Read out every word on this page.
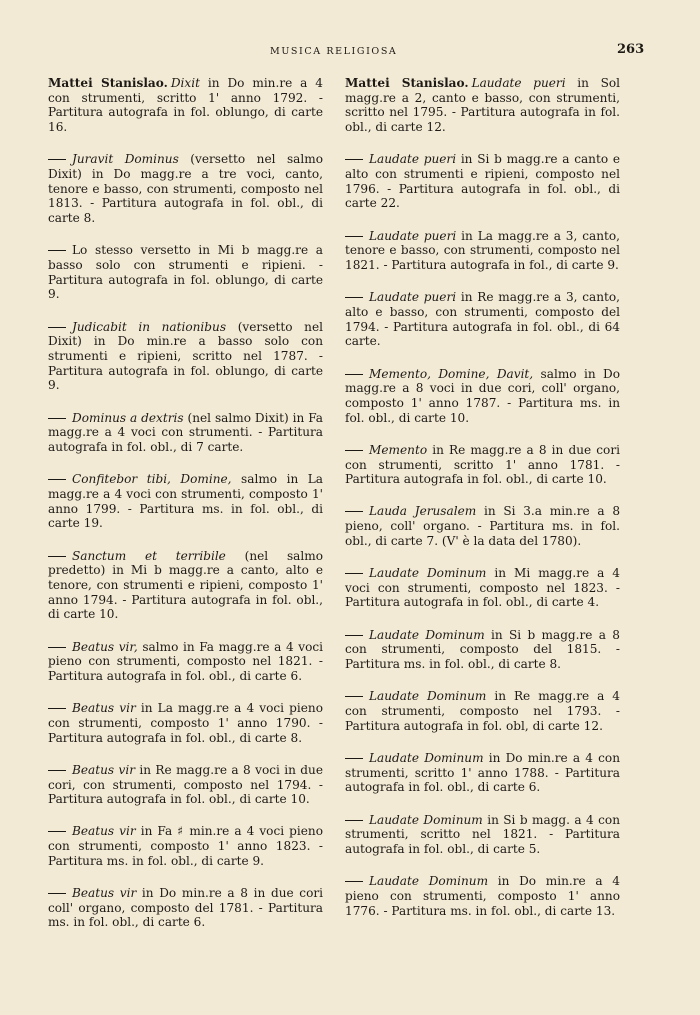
MUSICA RELIGIOSA	263
Mattei Stanislao. Dixit in Do min.re a 4 con strumenti, scritto 1' anno 1792. - Partitura autografa in fol. oblungo, di carte 16.
Juravit Dominus (versetto nel salmo Dixit) in Do magg.re a tre voci, canto, tenore e basso, con strumenti, composto nel 1813. - Partitura autografa in fol. obl., di carte 8.
Lo stesso versetto in Mi b magg.re a basso solo con strumenti e ripieni. - Partitura autografa in fol. oblungo, di carte 9.
Judicabit in nationibus (versetto nel Dixit) in Do min.re a basso solo con strumenti e ripieni, scritto nel 1787. - Partitura autografa in fol. oblungo, di carte 9.
Dominus a dextris (nel salmo Dixit) in Fa magg.re a 4 voci con strumenti. - Partitura autografa in fol. obl., di 7 carte.
Confitebor tibi, Domine, salmo in La magg.re a 4 voci con strumenti, composto 1' anno 1799. - Partitura ms. in fol. obl., di carte 19.
Sanctum et terribile (nel salmo predetto) in Mi b magg.re a canto, alto e tenore, con strumenti e ripieni, composto 1' anno 1794. - Partitura autografa in fol. obl., di carte 10.
Beatus vir, salmo in Fa magg.re a 4 voci pieno con strumenti, composto nel 1821. - Partitura autografa in fol. obl., di carte 6.
Beatus vir in La magg.re a 4 voci pieno con strumenti, composto 1' anno 1790. - Partitura autografa in fol. obl., di carte 8.
Beatus vir in Re magg.re a 8 voci in due cori, con strumenti, composto nel 1794. - Partitura autografa in fol. obl., di carte 10.
Beatus vir in Fa ♯ min.re a 4 voci pieno con strumenti, composto 1' anno 1823. - Partitura ms. in fol. obl., di carte 9.
Beatus vir in Do min.re a 8 in due cori coll' organo, composto del 1781. - Partitura ms. in fol. obl., di carte 6.
Mattei Stanislao. Laudate pueri in Sol magg.re a 2, canto e basso, con strumenti, scritto nel 1795. - Partitura autografa in fol. obl., di carte 12.
Laudate pueri in Si b magg.re a canto e alto con strumenti e ripieni, composto nel 1796. - Partitura autografa in fol. obl., di carte 22.
Laudate pueri in La magg.re a 3, canto, tenore e basso, con strumenti, composto nel 1821. - Partitura autografa in fol., di carte 9.
Laudate pueri in Re magg.re a 3, canto, alto e basso, con strumenti, composto del 1794. - Partitura autografa in fol. obl., di 64 carte.
Memento, Domine, Davit, salmo in Do magg.re a 8 voci in due cori, coll' organo, composto 1' anno 1787. - Partitura ms. in fol. obl., di carte 10.
Memento in Re magg.re a 8 in due cori con strumenti, scritto 1' anno 1781. - Partitura autografa in fol. obl., di carte 10.
Lauda Jerusalem in Si 3.a min.re a 8 pieno, coll' organo. - Partitura ms. in fol. obl., di carte 7. (V' è la data del 1780).
Laudate Dominum in Mi magg.re a 4 voci con strumenti, composto nel 1823. - Partitura autografa in fol. obl., di carte 4.
Laudate Dominum in Si b magg.re a 8 con strumenti, composto del 1815. - Partitura ms. in fol. obl., di carte 8.
Laudate Dominum in Re magg.re a 4 con strumenti, composto nel 1793. - Partitura autografa in fol. obl, di carte 12.
Laudate Dominum in Do min.re a 4 con strumenti, scritto 1' anno 1788. - Partitura autografa in fol. obl., di carte 6.
Laudate Dominum in Si b magg. a 4 con strumenti, scritto nel 1821. - Partitura autografa in fol. obl., di carte 5.
Laudate Dominum in Do min.re a 4 pieno con strumenti, composto 1' anno 1776. - Partitura ms. in fol. obl., di carte 13.
